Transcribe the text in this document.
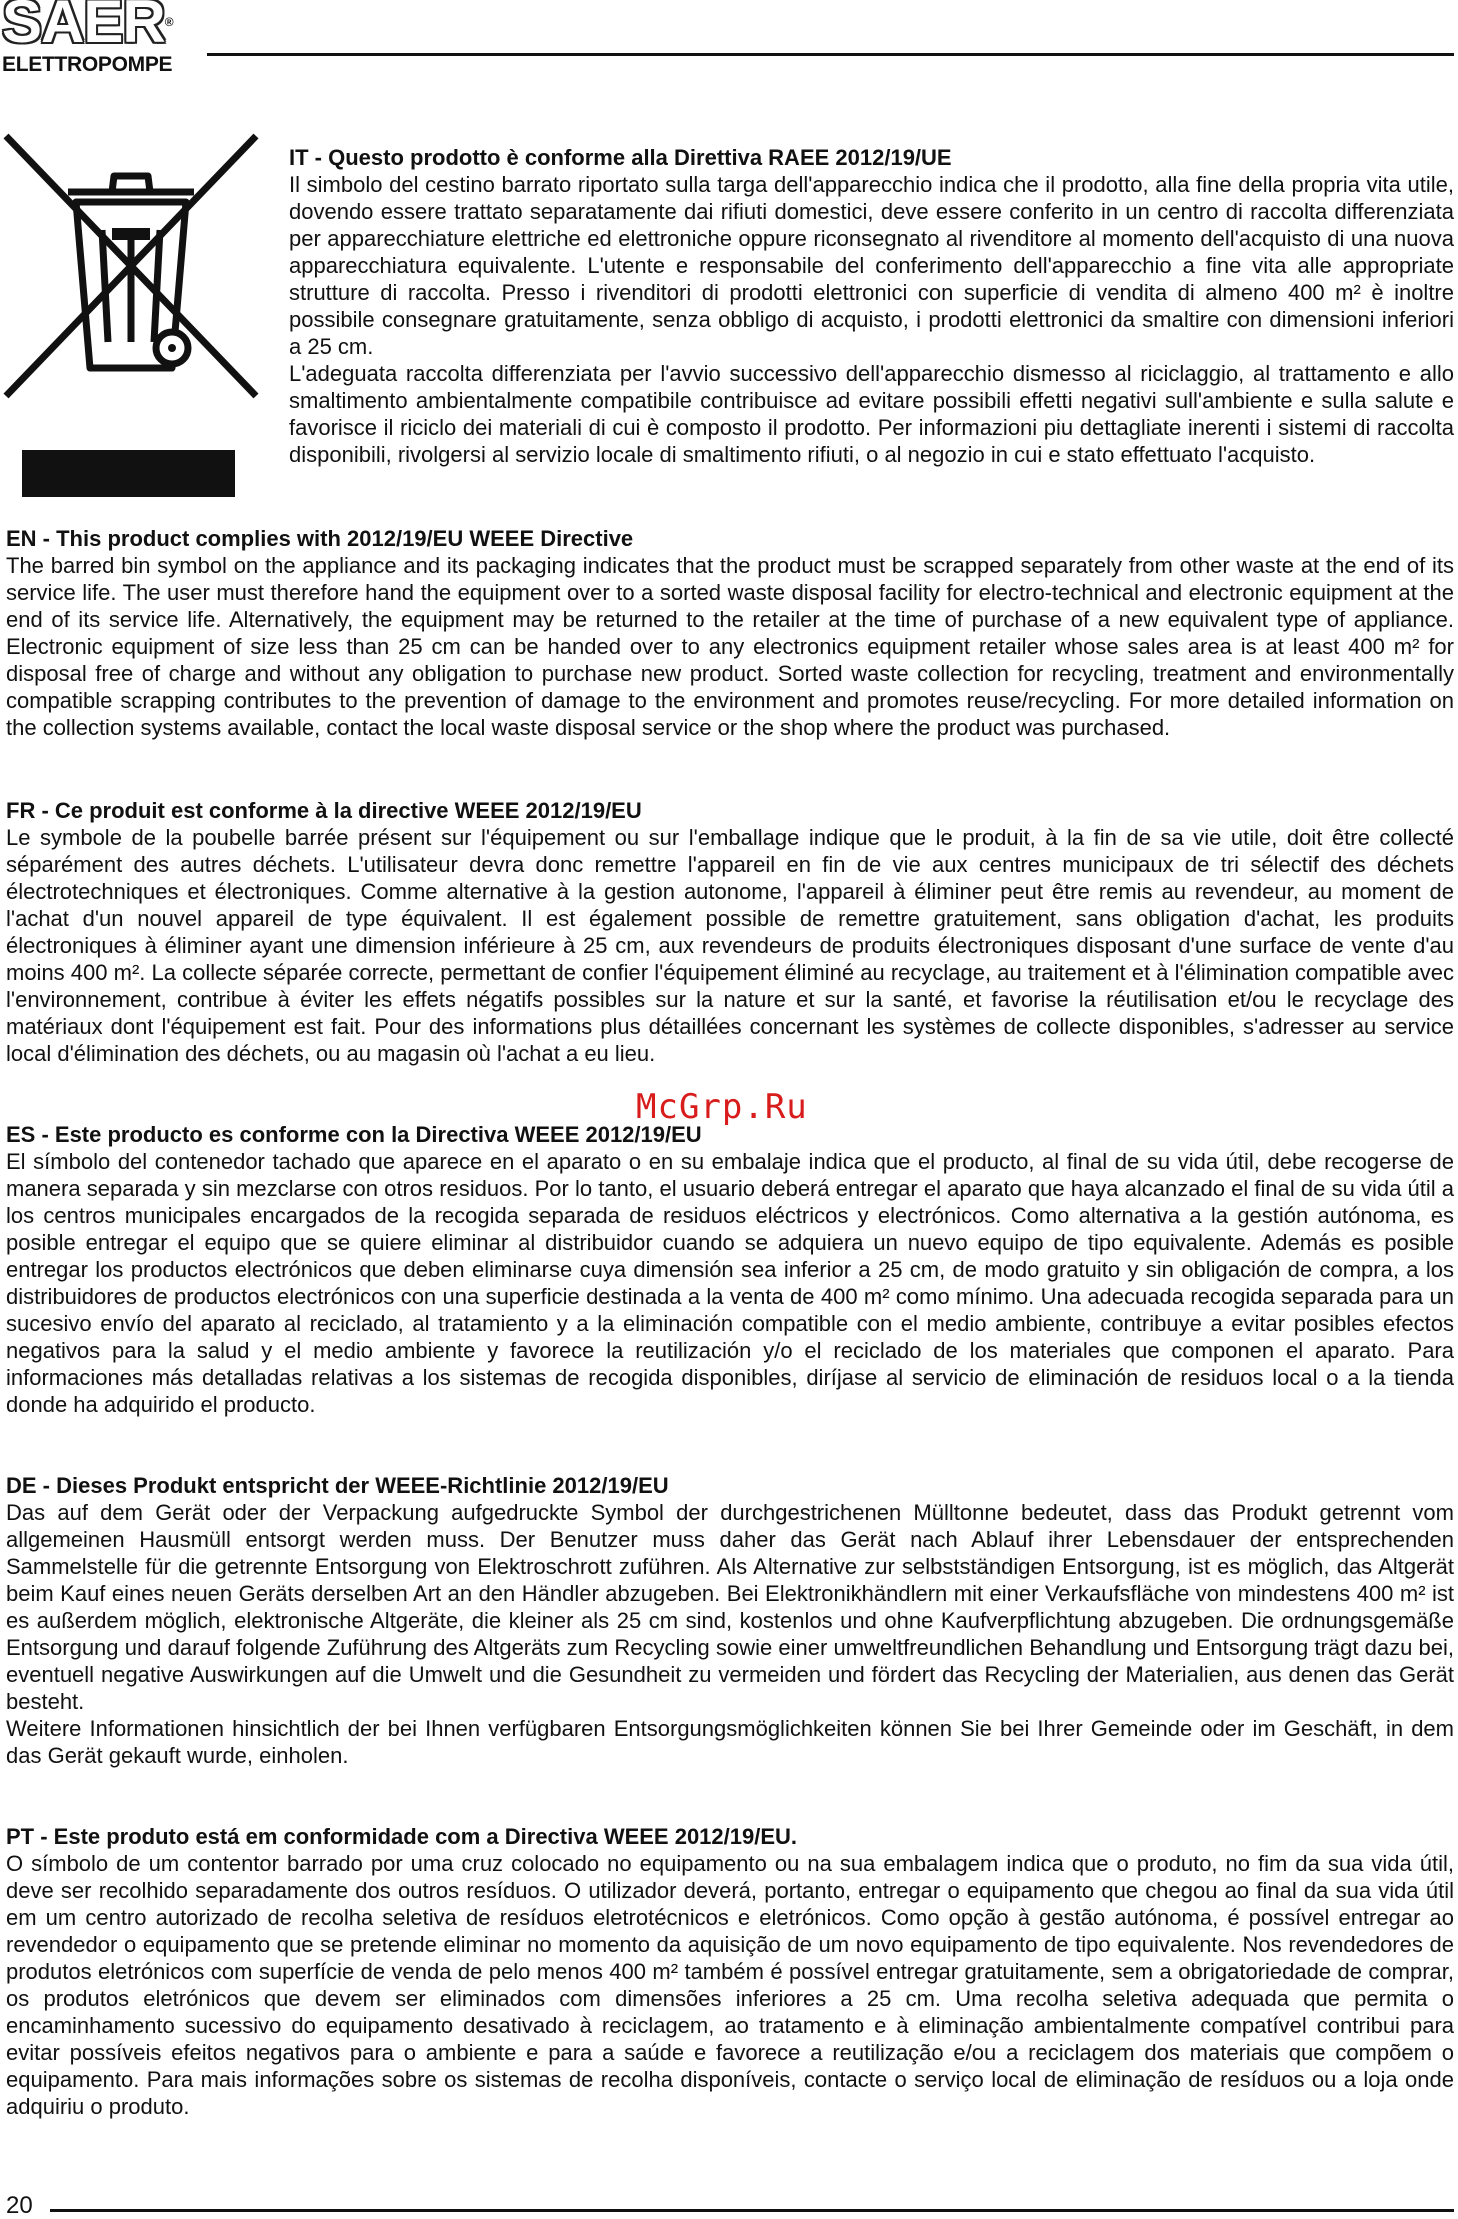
SAER®
ELETTROPOMPE
IT - Questo prodotto è conforme alla Direttiva RAEE 2012/19/UE

Il simbolo del cestino barrato riportato sulla targa dell'apparecchio indica che il prodotto, alla fine della propria vita utile, dovendo essere trattato separatamente dai rifiuti domestici, deve essere conferito in un centro di raccolta differenziata per apparecchiature elettriche ed elettroniche oppure riconsegnato al rivenditore al momento dell'acquisto di una nuova apparecchiatura equivalente. L'utente e responsabile del conferimento dell'apparecchio a fine vita alle appropriate strutture di raccolta. Presso i rivenditori di prodotti elettronici con superficie di vendita di almeno 400 m² è inoltre possibile consegnare gratuitamente, senza obbligo di acquisto, i prodotti elettronici da smaltire con dimensioni inferiori a 25 cm.

L'adeguata raccolta differenziata per l'avvio successivo dell'apparecchio dismesso al riciclaggio, al trattamento e allo smaltimento ambientalmente compatibile contribuisce ad evitare possibili effetti negativi sull'ambiente e sulla salute e favorisce il riciclo dei materiali di cui è composto il prodotto. Per informazioni piu dettagliate inerenti i sistemi di raccolta disponibili, rivolgersi al servizio locale di smaltimento rifiuti, o al negozio in cui e stato effettuato l'acquisto.

EN - This product complies with 2012/19/EU WEEE Directive

The barred bin symbol on the appliance and its packaging indicates that the product must be scrapped separately from other waste at the end of its service life. The user must therefore hand the equipment over to a sorted waste disposal facility for electro-technical and electronic equipment at the end of its service life. Alternatively, the equipment may be returned to the retailer at the time of purchase of a new equivalent type of appliance. Electronic equipment of size less than 25 cm can be handed over to any electronics equipment retailer whose sales area is at least 400 m² for disposal free of charge and without any obligation to purchase new product. Sorted waste collection for recycling, treatment and environmentally compatible scrapping contributes to the prevention of damage to the environment and promotes reuse/recycling. For more detailed information on the collection systems available, contact the local waste disposal service or the shop where the product was purchased.

FR - Ce produit est conforme à la directive WEEE 2012/19/EU

Le symbole de la poubelle barrée présent sur l'équipement ou sur l'emballage indique que le produit, à la fin de sa vie utile, doit être collecté séparément des autres déchets. L'utilisateur devra donc remettre l'appareil en fin de vie aux centres municipaux de tri sélectif des déchets électrotechniques et électroniques. Comme alternative à la gestion autonome, l'appareil à éliminer peut être remis au revendeur, au moment de l'achat d'un nouvel appareil de type équivalent. Il est également possible de remettre gratuitement, sans obligation d'achat, les produits électroniques à éliminer ayant une dimension inférieure à 25 cm, aux revendeurs de produits électroniques disposant d'une surface de vente d'au moins 400 m². La collecte séparée correcte, permettant de confier l'équipement éliminé au recyclage, au traitement et à l'élimination compatible avec l'environnement, contribue à éviter les effets négatifs possibles sur la nature et sur la santé, et favorise la réutilisation et/ou le recyclage des matériaux dont l'équipement est fait. Pour des informations plus détaillées concernant les systèmes de collecte disponibles, s'adresser au service local d'élimination des déchets, ou au magasin où l'achat a eu lieu.

ES - Este producto es conforme con la Directiva WEEE 2012/19/EU

El símbolo del contenedor tachado que aparece en el aparato o en su embalaje indica que el producto, al final de su vida útil, debe recogerse de manera separada y sin mezclarse con otros residuos. Por lo tanto, el usuario deberá entregar el aparato que haya alcanzado el final de su vida útil a los centros municipales encargados de la recogida separada de residuos eléctricos y electrónicos. Como alternativa a la gestión autónoma, es posible entregar el equipo que se quiere eliminar al distribuidor cuando se adquiera un nuevo equipo de tipo equivalente. Además es posible entregar los productos electrónicos que deben eliminarse cuya dimensión sea inferior a 25 cm, de modo gratuito y sin obligación de compra, a los distribuidores de productos electrónicos con una superficie destinada a la venta de 400 m² como mínimo. Una adecuada recogida separada para un sucesivo envío del aparato al reciclado, al tratamiento y a la eliminación compatible con el medio ambiente, contribuye a evitar posibles efectos negativos para la salud y el medio ambiente y favorece la reutilización y/o el reciclado de los materiales que componen el aparato. Para informaciones más detalladas relativas a los sistemas de recogida disponibles, diríjase al servicio de eliminación de residuos local o a la tienda donde ha adquirido el producto.

DE - Dieses Produkt entspricht der WEEE-Richtlinie 2012/19/EU

Das auf dem Gerät oder der Verpackung aufgedruckte Symbol der durchgestrichenen Mülltonne bedeutet, dass das Produkt getrennt vom allgemeinen Hausmüll entsorgt werden muss. Der Benutzer muss daher das Gerät nach Ablauf ihrer Lebensdauer der entsprechenden Sammelstelle für die getrennte Entsorgung von Elektroschrott zuführen. Als Alternative zur selbstständigen Entsorgung, ist es möglich, das Altgerät beim Kauf eines neuen Geräts derselben Art an den Händler abzugeben. Bei Elektronikhändlern mit einer Verkaufsfläche von mindestens 400 m² ist es außerdem möglich, elektronische Altgeräte, die kleiner als 25 cm sind, kostenlos und ohne Kaufverpflichtung abzugeben. Die ordnungsgemäße Entsorgung und darauf folgende Zuführung des Altgeräts zum Recycling sowie einer umweltfreundlichen Behandlung und Entsorgung trägt dazu bei, eventuell negative Auswirkungen auf die Umwelt und die Gesundheit zu vermeiden und fördert das Recycling der Materialien, aus denen das Gerät besteht.

Weitere Informationen hinsichtlich der bei Ihnen verfügbaren Entsorgungsmöglichkeiten können Sie bei Ihrer Gemeinde oder im Geschäft, in dem das Gerät gekauft wurde, einholen.

PT - Este produto está em conformidade com a Directiva WEEE 2012/19/EU.

O símbolo de um contentor barrado por uma cruz colocado no equipamento ou na sua embalagem indica que o produto, no fim da sua vida útil, deve ser recolhido separadamente dos outros resíduos. O utilizador deverá, portanto, entregar o equipamento que chegou ao final da sua vida útil em um centro autorizado de recolha seletiva de resíduos eletrotécnicos e eletrónicos. Como opção à gestão autónoma, é possível entregar ao revendedor o equipamento que se pretende eliminar no momento da aquisição de um novo equipamento de tipo equivalente. Nos revendedores de produtos eletrónicos com superfície de venda de pelo menos 400 m² também é possível entregar gratuitamente, sem a obrigatoriedade de comprar, os produtos eletrónicos que devem ser eliminados com dimensões inferiores a 25 cm. Uma recolha seletiva adequada que permita o encaminhamento sucessivo do equipamento desativado à reciclagem, ao tratamento e à eliminação ambientalmente compatível contribui para evitar possíveis efeitos negativos para o ambiente e para a saúde e favorece a reutilização e/ou a reciclagem dos materiais que compõem o equipamento. Para mais informações sobre os sistemas de recolha disponíveis, contacte o serviço local de eliminação de resíduos ou a loja onde adquiriu o produto.

McGrp.Ru
20
